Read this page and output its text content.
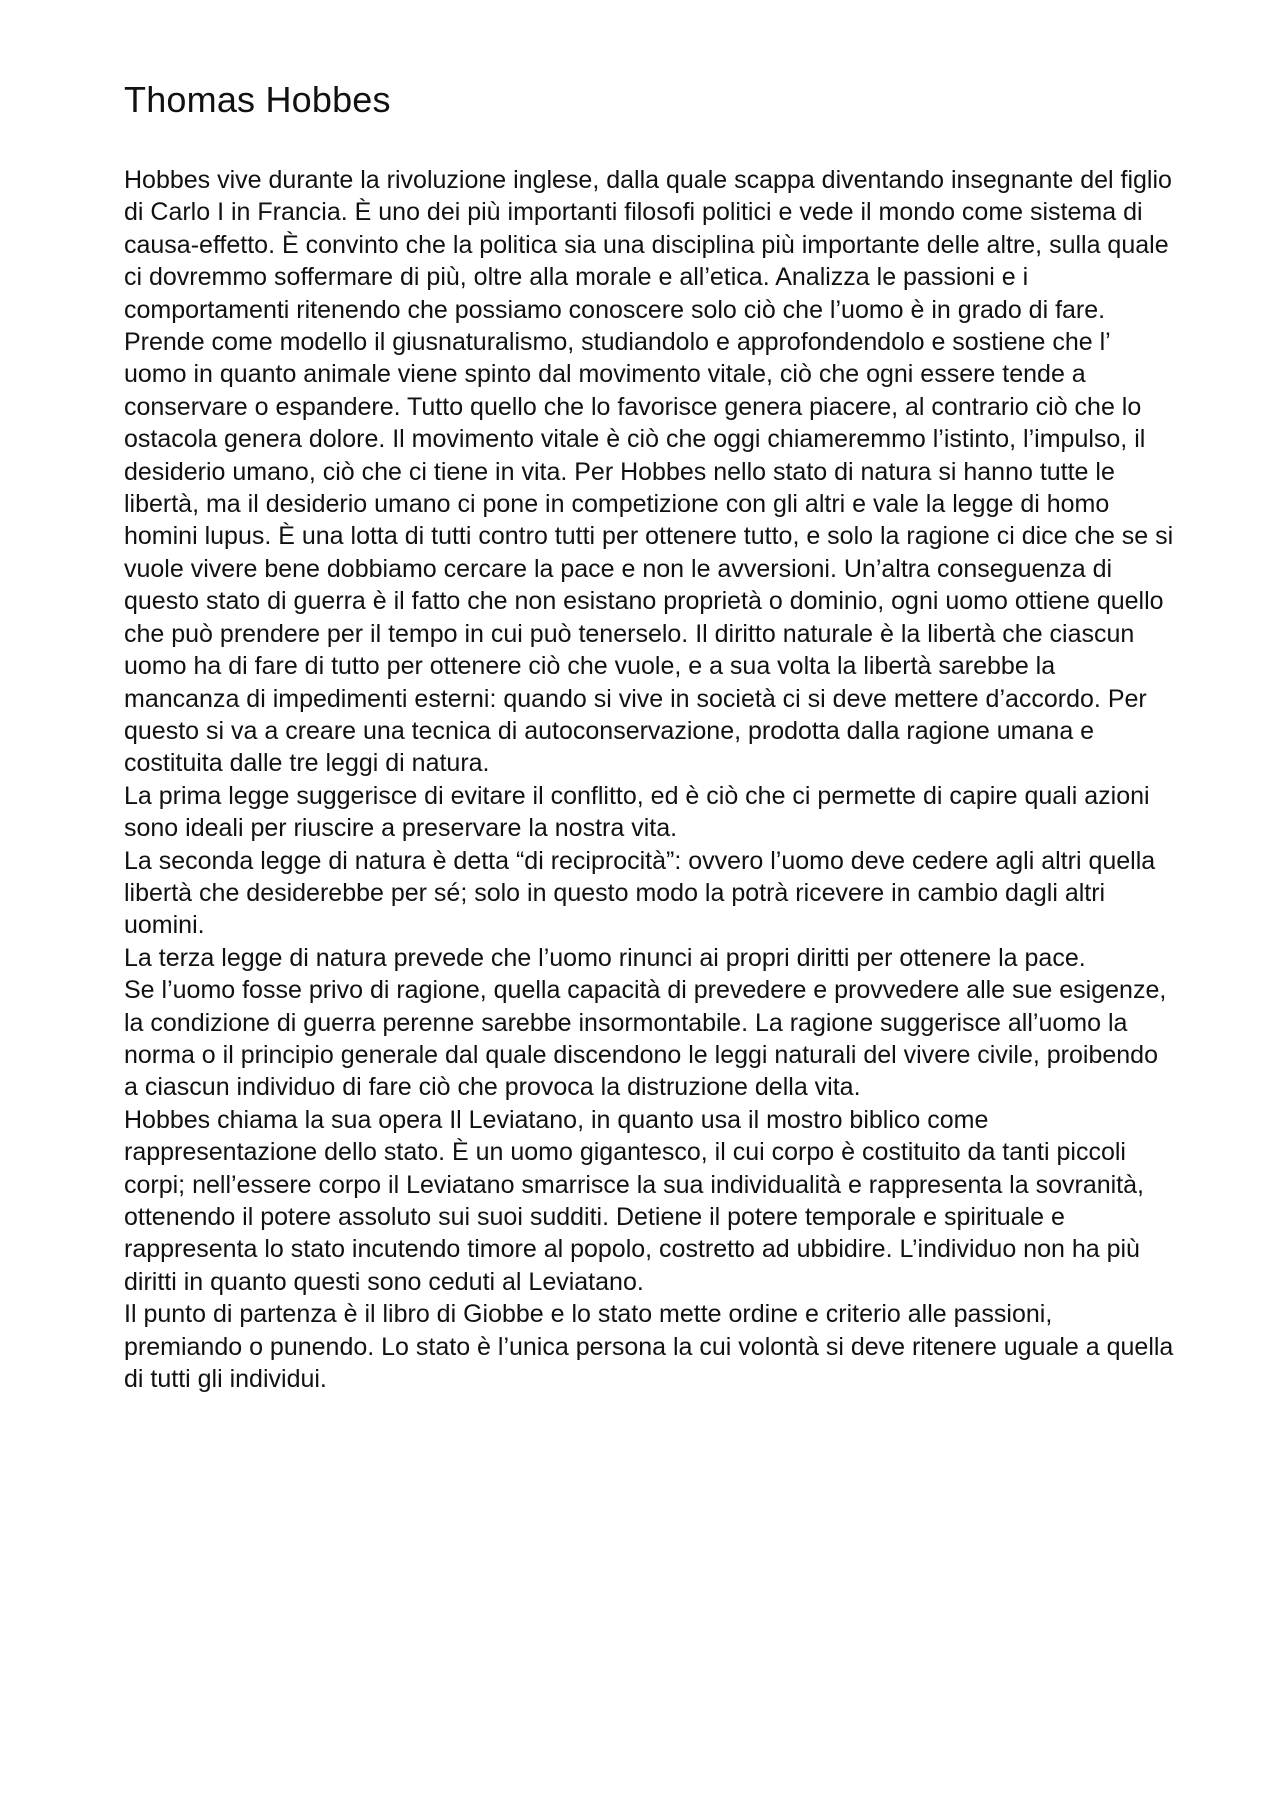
Thomas Hobbes

Hobbes vive durante la rivoluzione inglese, dalla quale scappa diventando insegnante del figlio di Carlo I in Francia. È uno dei più importanti filosofi politici e vede il mondo come sistema di causa-effetto. È convinto che la politica sia una disciplina più importante delle altre, sulla quale ci dovremmo soffermare di più, oltre alla morale e all’etica. Analizza le passioni e i comportamenti ritenendo che possiamo conoscere solo ciò che l’uomo è in grado di fare. Prende come modello il giusnaturalismo, studiandolo e approfondendolo e sostiene che l’ uomo in quanto animale viene spinto dal movimento vitale, ciò che ogni essere tende a conservare o espandere. Tutto quello che lo favorisce genera piacere, al contrario ciò che lo ostacola genera dolore. Il movimento vitale è ciò che oggi chiameremmo l’istinto, l’impulso, il desiderio umano, ciò che ci tiene in vita. Per Hobbes nello stato di natura si hanno tutte le libertà, ma il desiderio umano ci pone in competizione con gli altri e vale la legge di homo homini lupus. È una lotta di tutti contro tutti per ottenere tutto, e solo la ragione ci dice che se si vuole vivere bene dobbiamo cercare la pace e non le avversioni. Un’altra conseguenza di questo stato di guerra è il fatto che non esistano proprietà o dominio, ogni uomo ottiene quello che può prendere per il tempo in cui può tenerselo. Il diritto naturale è la libertà che ciascun uomo ha di fare di tutto per ottenere ciò che vuole, e a sua volta la libertà sarebbe la mancanza di impedimenti esterni: quando si vive in società ci si deve mettere d’accordo. Per questo si va a creare una tecnica di autoconservazione, prodotta dalla ragione umana e costituita dalle tre leggi di natura.

La prima legge suggerisce di evitare il conflitto, ed è ciò che ci permette di capire quali azioni sono ideali per riuscire a preservare la nostra vita.

La seconda legge di natura è detta “di reciprocità”: ovvero l’uomo deve cedere agli altri quella libertà che desiderebbe per sé; solo in questo modo la potrà ricevere in cambio dagli altri uomini.

La terza legge di natura prevede che l’uomo rinunci ai propri diritti per ottenere la pace.

Se l’uomo fosse privo di ragione, quella capacità di prevedere e provvedere alle sue esigenze, la condizione di guerra perenne sarebbe insormontabile. La ragione suggerisce all’uomo la norma o il principio generale dal quale discendono le leggi naturali del vivere civile, proibendo a ciascun individuo di fare ciò che provoca la distruzione della vita.

Hobbes chiama la sua opera Il Leviatano, in quanto usa il mostro biblico come rappresentazione dello stato. È un uomo gigantesco, il cui corpo è costituito da tanti piccoli corpi; nell’essere corpo il Leviatano smarrisce la sua individualità e rappresenta la sovranità, ottenendo il potere assoluto sui suoi sudditi. Detiene il potere temporale e spirituale e rappresenta lo stato incutendo timore al popolo, costretto ad ubbidire. L’individuo non ha più diritti in quanto questi sono ceduti al Leviatano.

Il punto di partenza è il libro di Giobbe e lo stato mette ordine e criterio alle passioni, premiando o punendo. Lo stato è l’unica persona la cui volontà si deve ritenere uguale a quella di tutti gli individui.
